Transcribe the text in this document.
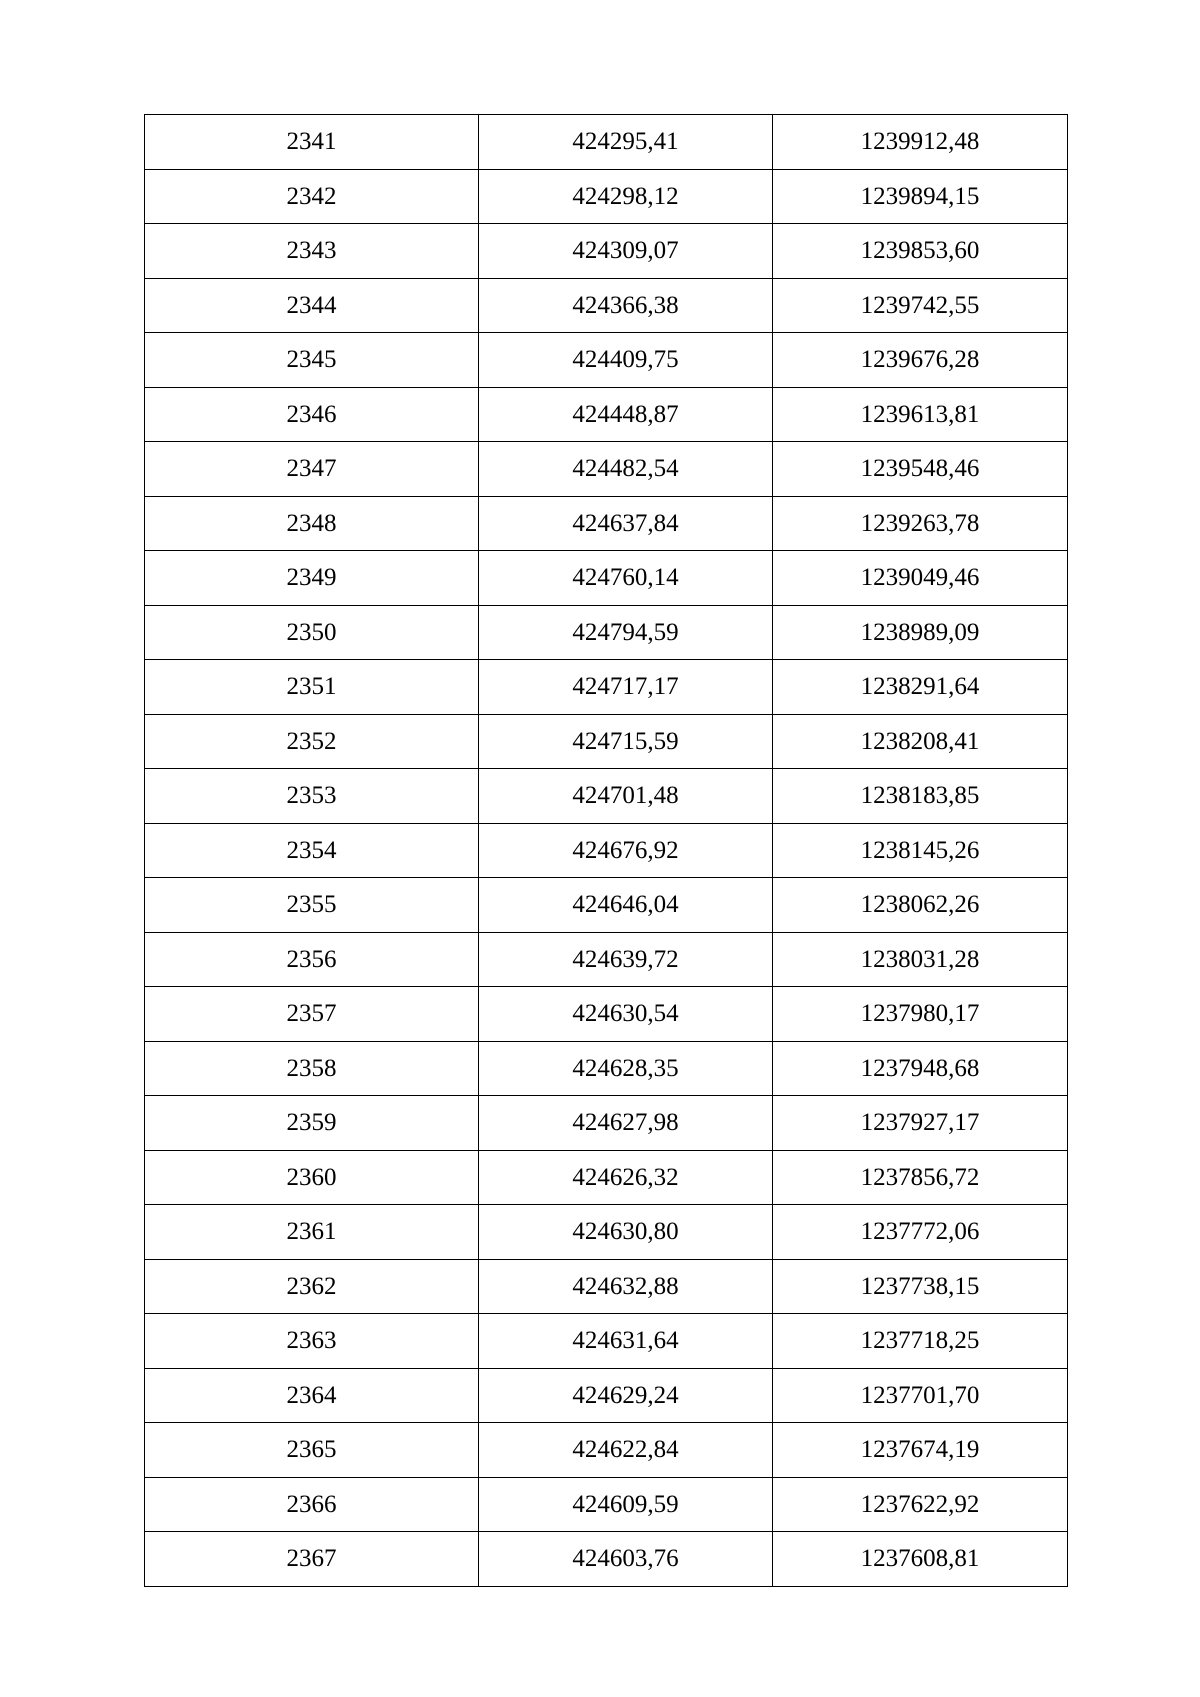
2341	424295,41	1239912,48
2342	424298,12	1239894,15
2343	424309,07	1239853,60
2344	424366,38	1239742,55
2345	424409,75	1239676,28
2346	424448,87	1239613,81
2347	424482,54	1239548,46
2348	424637,84	1239263,78
2349	424760,14	1239049,46
2350	424794,59	1238989,09
2351	424717,17	1238291,64
2352	424715,59	1238208,41
2353	424701,48	1238183,85
2354	424676,92	1238145,26
2355	424646,04	1238062,26
2356	424639,72	1238031,28
2357	424630,54	1237980,17
2358	424628,35	1237948,68
2359	424627,98	1237927,17
2360	424626,32	1237856,72
2361	424630,80	1237772,06
2362	424632,88	1237738,15
2363	424631,64	1237718,25
2364	424629,24	1237701,70
2365	424622,84	1237674,19
2366	424609,59	1237622,92
2367	424603,76	1237608,81
